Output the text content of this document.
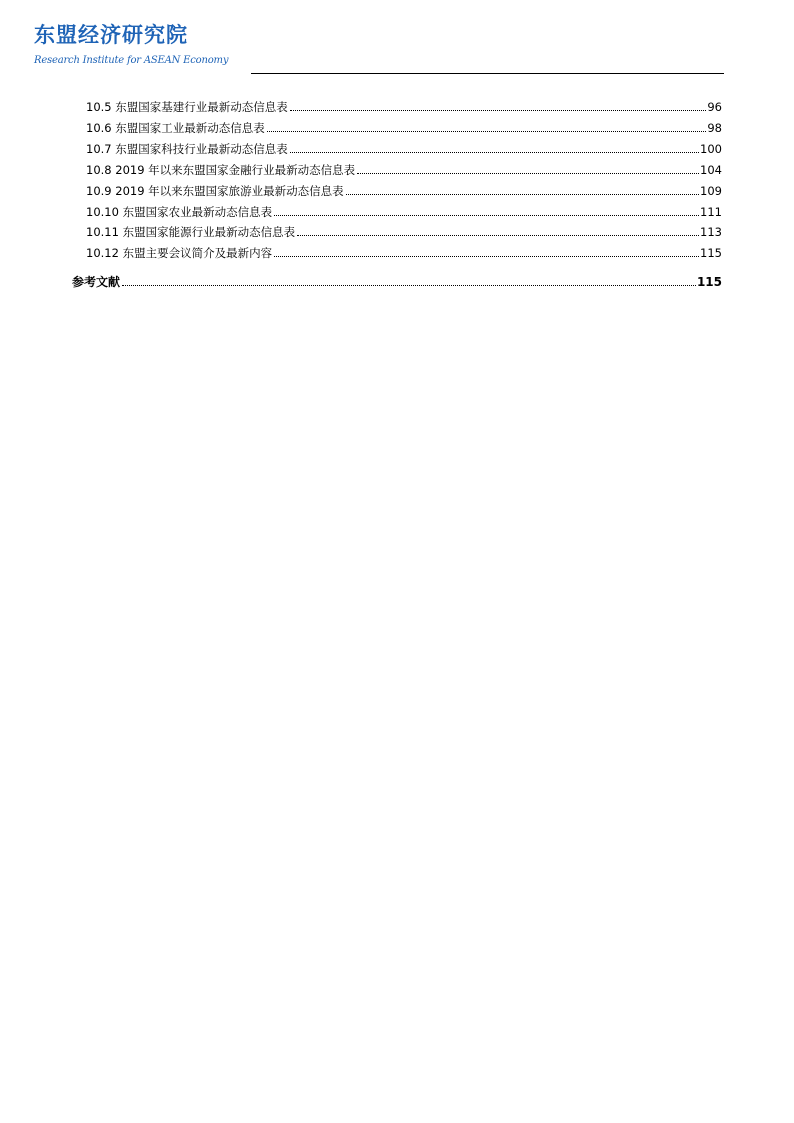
东盟经济研究院
Research Institute for ASEAN Economy
10.5 东盟国家基建行业最新动态信息表	96
10.6 东盟国家工业最新动态信息表	98
10.7 东盟国家科技行业最新动态信息表	100
10.8 2019 年以来东盟国家金融行业最新动态信息表	104
10.9 2019 年以来东盟国家旅游业最新动态信息表	109
10.10 东盟国家农业最新动态信息表	111
10.11 东盟国家能源行业最新动态信息表	113
10.12 东盟主要会议简介及最新内容	115
参考文献	115
